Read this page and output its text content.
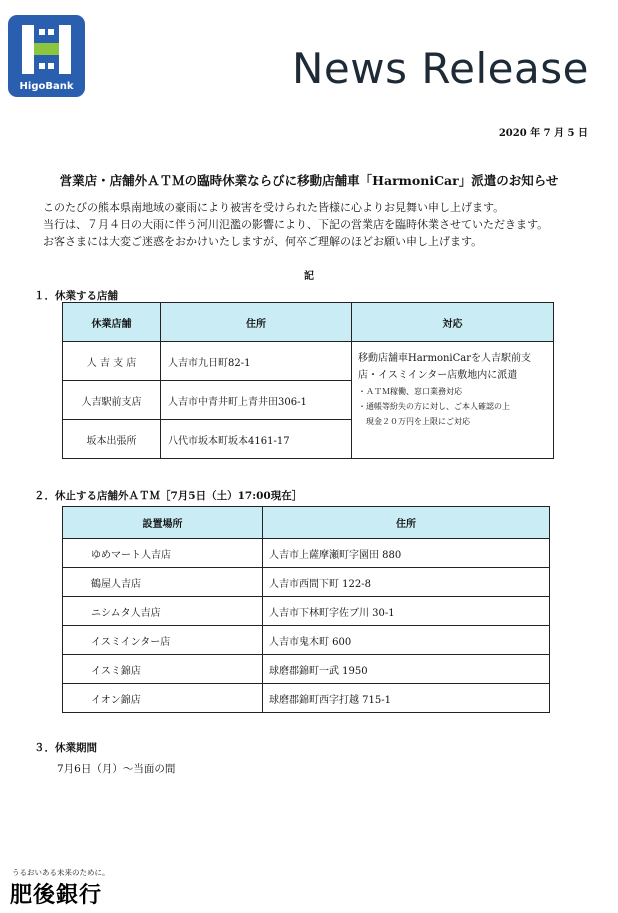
HigoBank	News Release
2020 年 7 月 5 日
営業店・店舗外ＡＴＭの臨時休業ならびに移動店舗車「HarmoniCar」派遣のお知らせ
このたびの熊本県南地域の豪雨により被害を受けられた皆様に心よりお見舞い申し上げます。
当行は、７月４日の大雨に伴う河川氾濫の影響により、下記の営業店を臨時休業させていただきます。
お客さまには大変ご迷惑をおかけいたしますが、何卒ご理解のほどお願い申し上げます。
記
１．休業する店舗
休業店舗	住所	対応
人 吉 支 店	人吉市九日町82-1	移動店舗車HarmoniCarを人吉駅前支
店・イスミインター店敷地内に派遣
・ＡＴＭ稼働、窓口業務対応
・通帳等紛失の方に対し、ご本人確認の上
現金２０万円を上限にご対応

人吉駅前支店	人吉市中青井町上青井田306-1	
坂本出張所	八代市坂本町坂本4161-17	
２．休止する店舗外ＡＴＭ［7月5日（土）17:00現在］
設置場所	住所
ゆめマート人吉店	人吉市上薩摩瀬町字園田 880
鶴屋人吉店	人吉市西間下町 122-8
ニシムタ人吉店	人吉市下林町字佐ブ川 30-1
イスミインター店	人吉市鬼木町 600
イスミ錦店	球磨郡錦町一武 1950
イオン錦店	球磨郡錦町西字打越 715-1
３．休業期間
7月6日（月）～当面の間
うるおいある未来のために。
肥後銀行
